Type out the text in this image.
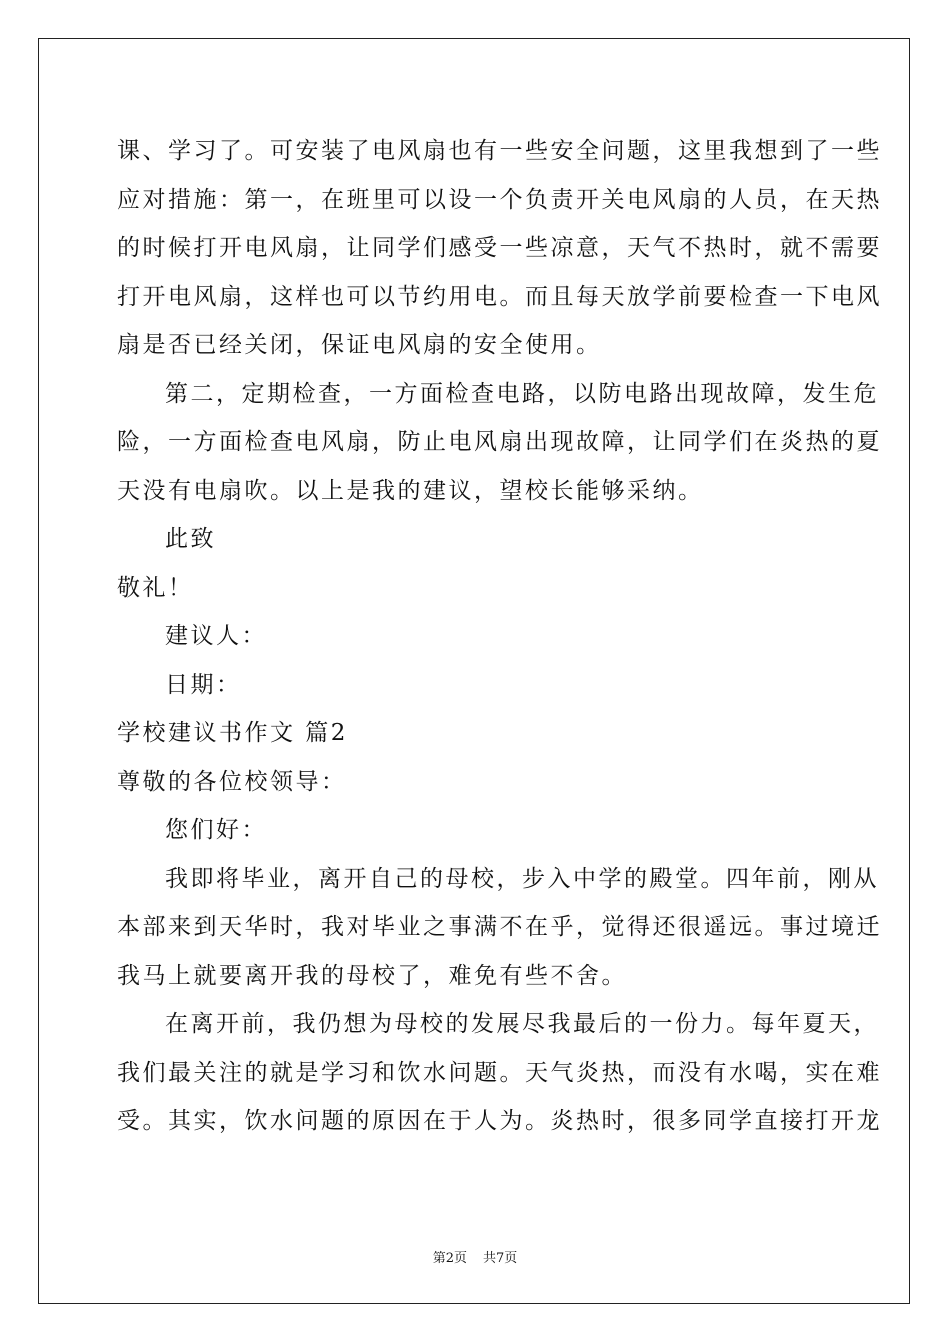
课、学习了。可安装了电风扇也有一些安全问题，这里我想到了一些
应对措施：第一，在班里可以设一个负责开关电风扇的人员，在天热
的时候打开电风扇，让同学们感受一些凉意，天气不热时，就不需要
打开电风扇，这样也可以节约用电。而且每天放学前要检查一下电风
扇是否已经关闭，保证电风扇的安全使用。
第二，定期检查，一方面检查电路，以防电路出现故障，发生危
险，一方面检查电风扇，防止电风扇出现故障，让同学们在炎热的夏
天没有电扇吹。以上是我的建议，望校长能够采纳。
此致
敬礼！
建议人：
日期：
学校建议书作文 篇2
尊敬的各位校领导：
您们好：
我即将毕业，离开自己的母校，步入中学的殿堂。四年前，刚从
本部来到天华时，我对毕业之事满不在乎，觉得还很遥远。事过境迁
我马上就要离开我的母校了，难免有些不舍。
在离开前，我仍想为母校的发展尽我最后的一份力。每年夏天，
我们最关注的就是学习和饮水问题。天气炎热，而没有水喝，实在难
受。其实，饮水问题的原因在于人为。炎热时，很多同学直接打开龙
第2页 共7页
